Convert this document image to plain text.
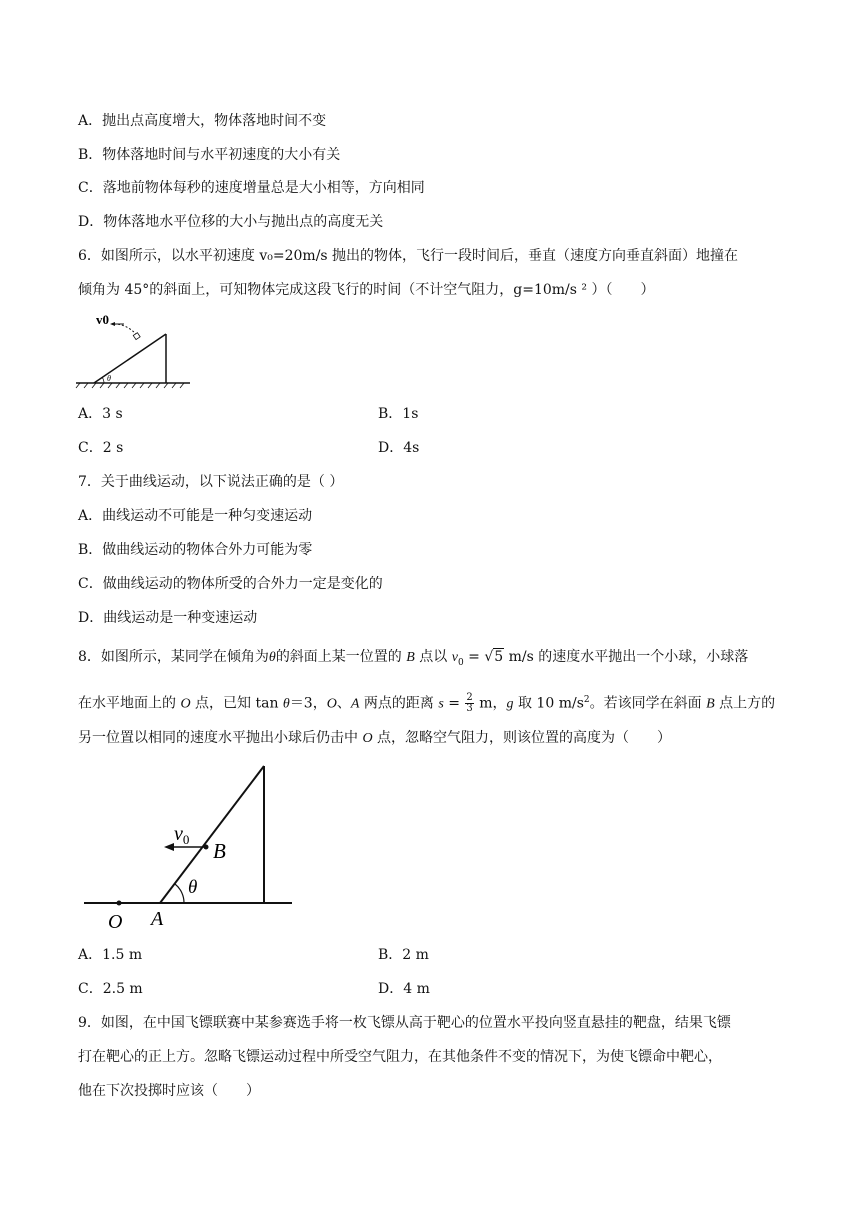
A．抛出点高度增大，物体落地时间不变
B．物体落地时间与水平初速度的大小有关
C．落地前物体每秒的速度增量总是大小相等，方向相同
D．物体落地水平位移的大小与抛出点的高度无关
6．如图所示，以水平初速度 v₀=20m/s 抛出的物体，飞行一段时间后，垂直（速度方向垂直斜面）地撞在
倾角为 45°的斜面上，可知物体完成这段飞行的时间（不计空气阻力，g=10m/s ² ）（　　）
v0
θ
A．3 s	B．1s
C．2 s	D．4s
7．关于曲线运动，以下说法正确的是（ ）
A．曲线运动不可能是一种匀变速运动
B．做曲线运动的物体合外力可能为零
C．做曲线运动的物体所受的合外力一定是变化的
D．曲线运动是一种变速运动
8．如图所示，某同学在倾角为θ的斜面上某一位置的 B 点以 $v_0 = √5$ m/s 的速度水平抛出一个小球，小球落
在水平地面上的 O 点，已知 tan θ＝3，O、A 两点的距离 $s = \frac{2}{3}$ m，g 取 10 $m/s^2$。若该同学在斜面 B 点上方的
另一位置以相同的速度水平抛出小球后仍击中 O 点，忽略空气阻力，则该位置的高度为（　　）
$v_0$ B
θ
O A
A．1.5 m	B．2 m
C．2.5 m	D．4 m
9．如图，在中国飞镖联赛中某参赛选手将一枚飞镖从高于靶心的位置水平投向竖直悬挂的靶盘，结果飞镖
打在靶心的正上方。忽略飞镖运动过程中所受空气阻力，在其他条件不变的情况下，为使飞镖命中靶心，
他在下次投掷时应该（　　）
